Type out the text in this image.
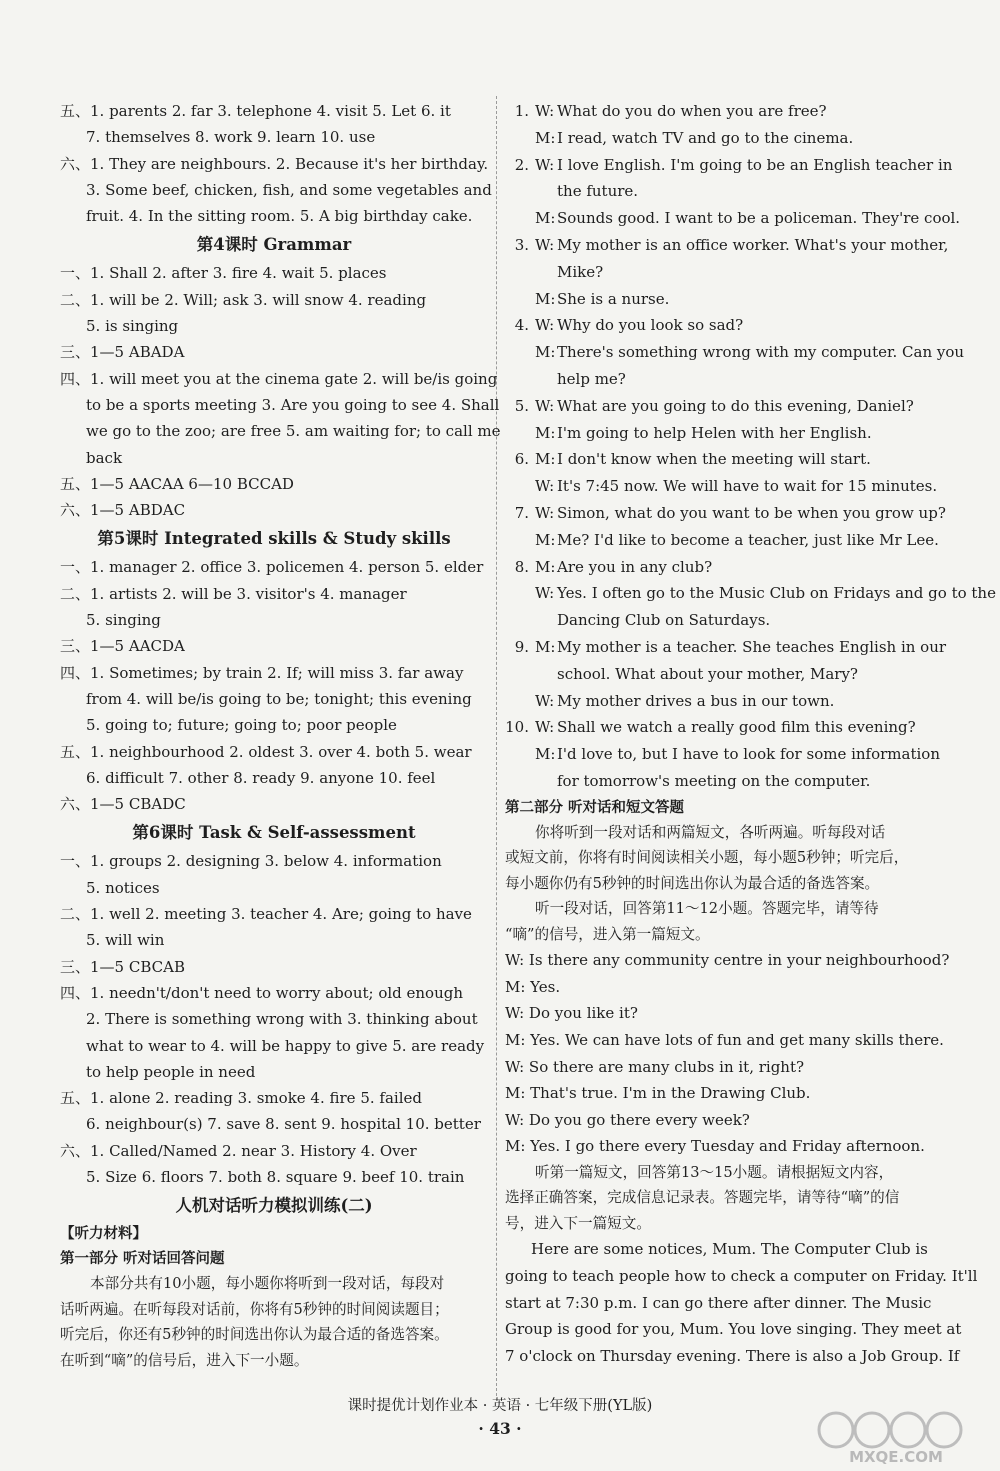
五、1. parents 2. far 3. telephone 4. visit 5. Let 6. it
7. themselves 8. work 9. learn 10. use
六、1. They are neighbours. 2. Because it's her birthday.
3. Some beef, chicken, fish, and some vegetables and
fruit. 4. In the sitting room. 5. A big birthday cake.
第4课时 Grammar
一、1. Shall 2. after 3. fire 4. wait 5. places
二、1. will be 2. Will; ask 3. will snow 4. reading
5. is singing
三、1—5 ABADA
四、1. will meet you at the cinema gate 2. will be/is going
to be a sports meeting 3. Are you going to see 4. Shall
we go to the zoo; are free 5. am waiting for; to call me
back
五、1—5 AACAA 6—10 BCCAD
六、1—5 ABDAC
第5课时 Integrated skills & Study skills
一、1. manager 2. office 3. policemen 4. person 5. elder
二、1. artists 2. will be 3. visitor's 4. manager
5. singing
三、1—5 AACDA
四、1. Sometimes; by train 2. If; will miss 3. far away
from 4. will be/is going to be; tonight; this evening
5. going to; future; going to; poor people
五、1. neighbourhood 2. oldest 3. over 4. both 5. wear
6. difficult 7. other 8. ready 9. anyone 10. feel
六、1—5 CBADC
第6课时 Task & Self-assessment
一、1. groups 2. designing 3. below 4. information
5. notices
二、1. well 2. meeting 3. teacher 4. Are; going to have
5. will win
三、1—5 CBCAB
四、1. needn't/don't need to worry about; old enough
2. There is something wrong with 3. thinking about
what to wear to 4. will be happy to give 5. are ready
to help people in need
五、1. alone 2. reading 3. smoke 4. fire 5. failed
6. neighbour(s) 7. save 8. sent 9. hospital 10. better
六、1. Called/Named 2. near 3. History 4. Over
5. Size 6. floors 7. both 8. square 9. beef 10. train
人机对话听力模拟训练(二)
【听力材料】
第一部分 听对话回答问题
本部分共有10小题，每小题你将听到一段对话，每段对
话听两遍。在听每段对话前，你将有5秒钟的时间阅读题目；
听完后，你还有5秒钟的时间选出你认为最合适的备选答案。
在听到“嘀”的信号后，进入下一小题。
1. W: What do you do when you are free?
M: I read, watch TV and go to the cinema.
2. W: I love English. I'm going to be an English teacher in
the future.
M: Sounds good. I want to be a policeman. They're cool.
3. W: My mother is an office worker. What's your mother,
Mike?
M: She is a nurse.
4. W: Why do you look so sad?
M: There's something wrong with my computer. Can you
help me?
5. W: What are you going to do this evening, Daniel?
M: I'm going to help Helen with her English.
6. M: I don't know when the meeting will start.
W: It's 7:45 now. We will have to wait for 15 minutes.
7. W: Simon, what do you want to be when you grow up?
M: Me? I'd like to become a teacher, just like Mr Lee.
8. M: Are you in any club?
W: Yes. I often go to the Music Club on Fridays and go to the
Dancing Club on Saturdays.
9. M: My mother is a teacher. She teaches English in our
school. What about your mother, Mary?
W: My mother drives a bus in our town.
10. W: Shall we watch a really good film this evening?
M: I'd love to, but I have to look for some information
for tomorrow's meeting on the computer.
第二部分 听对话和短文答题
你将听到一段对话和两篇短文，各听两遍。听每段对话
或短文前，你将有时间阅读相关小题，每小题5秒钟；听完后，
每小题你仍有5秒钟的时间选出你认为最合适的备选答案。
听一段对话，回答第11～12小题。答题完毕，请等待
“嘀”的信号，进入第一篇短文。
W: Is there any community centre in your neighbourhood?
M: Yes.
W: Do you like it?
M: Yes. We can have lots of fun and get many skills there.
W: So there are many clubs in it, right?
M: That's true. I'm in the Drawing Club.
W: Do you go there every week?
M: Yes. I go there every Tuesday and Friday afternoon.
听第一篇短文，回答第13～15小题。请根据短文内容，
选择正确答案，完成信息记录表。答题完毕，请等待“嘀”的信
号，进入下一篇短文。
Here are some notices, Mum. The Computer Club is
going to teach people how to check a computer on Friday. It'll
start at 7:30 p.m. I can go there after dinner. The Music
Group is good for you, Mum. You love singing. They meet at
7 o'clock on Thursday evening. There is also a Job Group. If
课时提优计划作业本 · 英语 · 七年级下册(YL版)
· 43 ·
MXQE.COM
